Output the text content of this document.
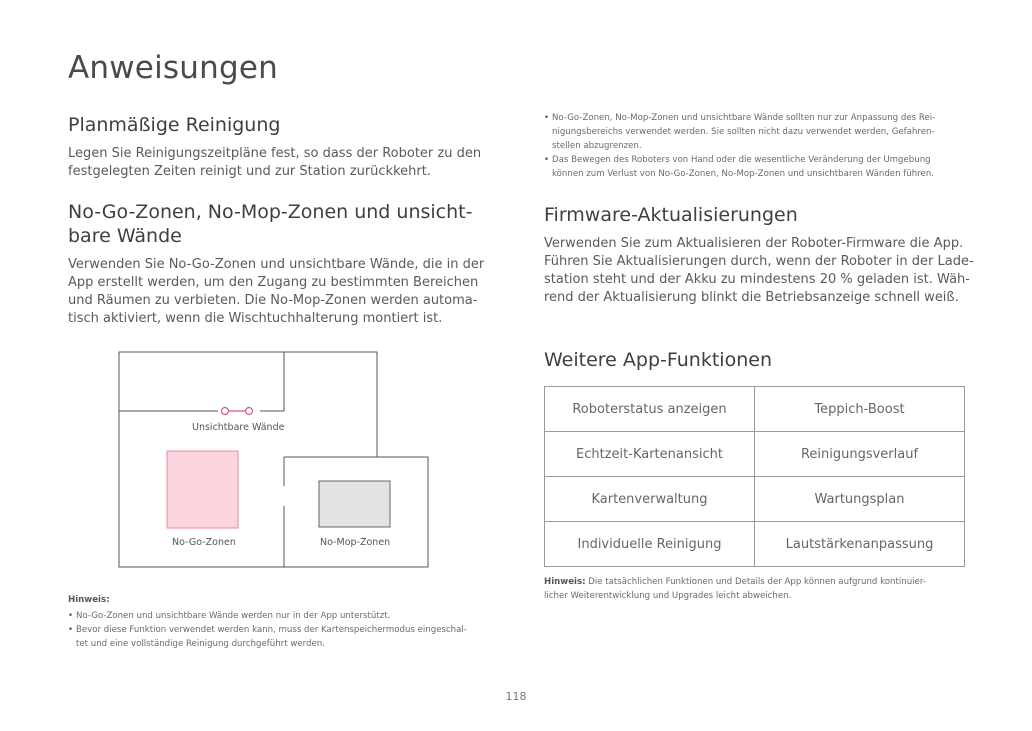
Anweisungen
Planmäßige Reinigung
Legen Sie Reinigungszeitpläne fest, so dass der Roboter zu den
festgelegten Zeiten reinigt und zur Station zurückkehrt.
No-Go-Zonen, No-Mop-Zonen und unsicht-
bare Wände
Verwenden Sie No-Go-Zonen und unsichtbare Wände, die in der
App erstellt werden, um den Zugang zu bestimmten Bereichen
und Räumen zu verbieten. Die No-Mop-Zonen werden automa-
tisch aktiviert, wenn die Wischtuchhalterung montiert ist.
Unsichtbare Wände
No-Go-Zonen	No-Mop-Zonen
Hinweis:
• No-Go-Zonen und unsichtbare Wände werden nur in der App unterstützt.
• Bevor diese Funktion verwendet werden kann, muss der Kartenspeichermodus eingeschal-
tet und eine vollständige Reinigung durchgeführt werden.
• No-Go-Zonen, No-Mop-Zonen und unsichtbare Wände sollten nur zur Anpassung des Rei-
nigungsbereichs verwendet werden. Sie sollten nicht dazu verwendet werden, Gefahren-
stellen abzugrenzen.
• Das Bewegen des Roboters von Hand oder die wesentliche Veränderung der Umgebung
können zum Verlust von No-Go-Zonen, No-Mop-Zonen und unsichtbaren Wänden führen.
Firmware-Aktualisierungen
Verwenden Sie zum Aktualisieren der Roboter-Firmware die App.
Führen Sie Aktualisierungen durch, wenn der Roboter in der Lade-
station steht und der Akku zu mindestens 20 % geladen ist. Wäh-
rend der Aktualisierung blinkt die Betriebsanzeige schnell weiß.
Weitere App-Funktionen
Roboterstatus anzeigen	Teppich-Boost
Echtzeit-Kartenansicht	Reinigungsverlauf
Kartenverwaltung	Wartungsplan
Individuelle Reinigung	Lautstärkenanpassung
Hinweis: Die tatsächlichen Funktionen und Details der App können aufgrund kontinuier-
licher Weiterentwicklung und Upgrades leicht abweichen.
118
